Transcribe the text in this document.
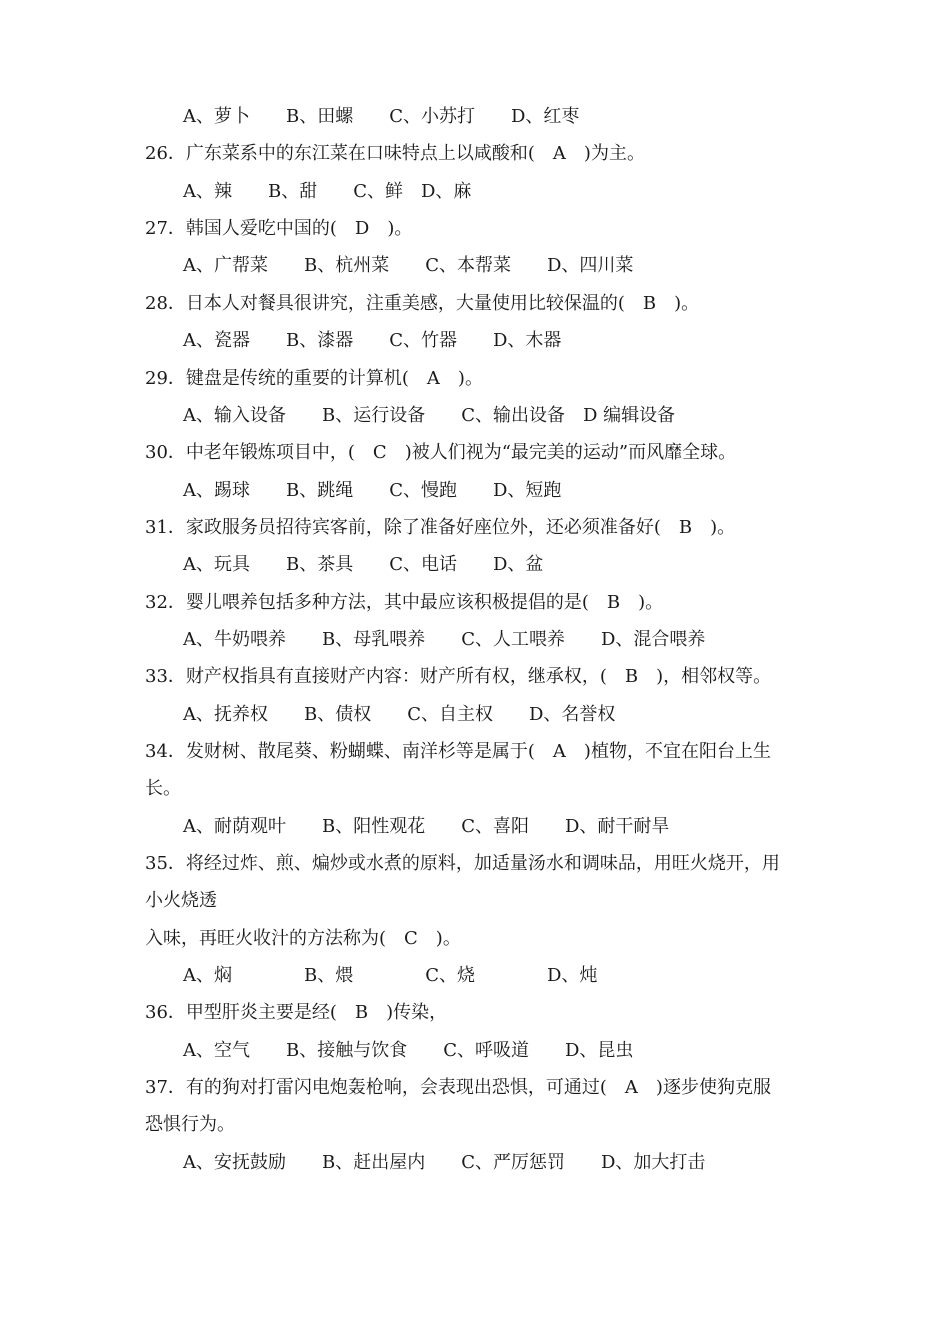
A、萝卜　　B、田螺　　C、小苏打　　D、红枣
26．广东菜系中的东江菜在口味特点上以咸酸和(　A　)为主。
A、辣　　B、甜　　C、鲜　D、麻
27．韩国人爱吃中国的(　D　)。
A、广帮菜　　B、杭州菜　　C、本帮菜　　D、四川菜
28．日本人对餐具很讲究，注重美感，大量使用比较保温的(　B　)。
A、瓷器　　B、漆器　　C、竹器　　D、木器
29．键盘是传统的重要的计算机(　A　)。
A、输入设备　　B、运行设备　　C、输出设备　D 编辑设备
30．中老年锻炼项目中，(　C　)被人们视为“最完美的运动”而风靡全球。
A、踢球　　B、跳绳　　C、慢跑　　D、短跑
31．家政服务员招待宾客前，除了准备好座位外，还必须准备好(　B　)。
A、玩具　　B、茶具　　C、电话　　D、盆
32．婴儿喂养包括多种方法，其中最应该积极提倡的是(　B　)。
A、牛奶喂养　　B、母乳喂养　　C、人工喂养　　D、混合喂养
33．财产权指具有直接财产内容：财产所有权，继承权，(　B　)，相邻权等。
A、抚养权　　B、债权　　C、自主权　　D、名誉权
34．发财树、散尾葵、粉蝴蝶、南洋杉等是属于(　A　)植物，不宜在阳台上生
长。
A、耐荫观叶　　B、阳性观花　　C、喜阳　　D、耐干耐旱
35．将经过炸、煎、煸炒或水煮的原料，加适量汤水和调味品，用旺火烧开，用
小火烧透
入味，再旺火收汁的方法称为(　C　)。
A、焖　　　　B、煨　　　　C、烧　　　　D、炖
36．甲型肝炎主要是经(　B　)传染，
A、空气　　B、接触与饮食　　C、呼吸道　　D、昆虫
37．有的狗对打雷闪电炮轰枪响，会表现出恐惧，可通过(　A　)逐步使狗克服
恐惧行为。
A、安抚鼓励　　B、赶出屋内　　C、严厉惩罚　　D、加大打击
